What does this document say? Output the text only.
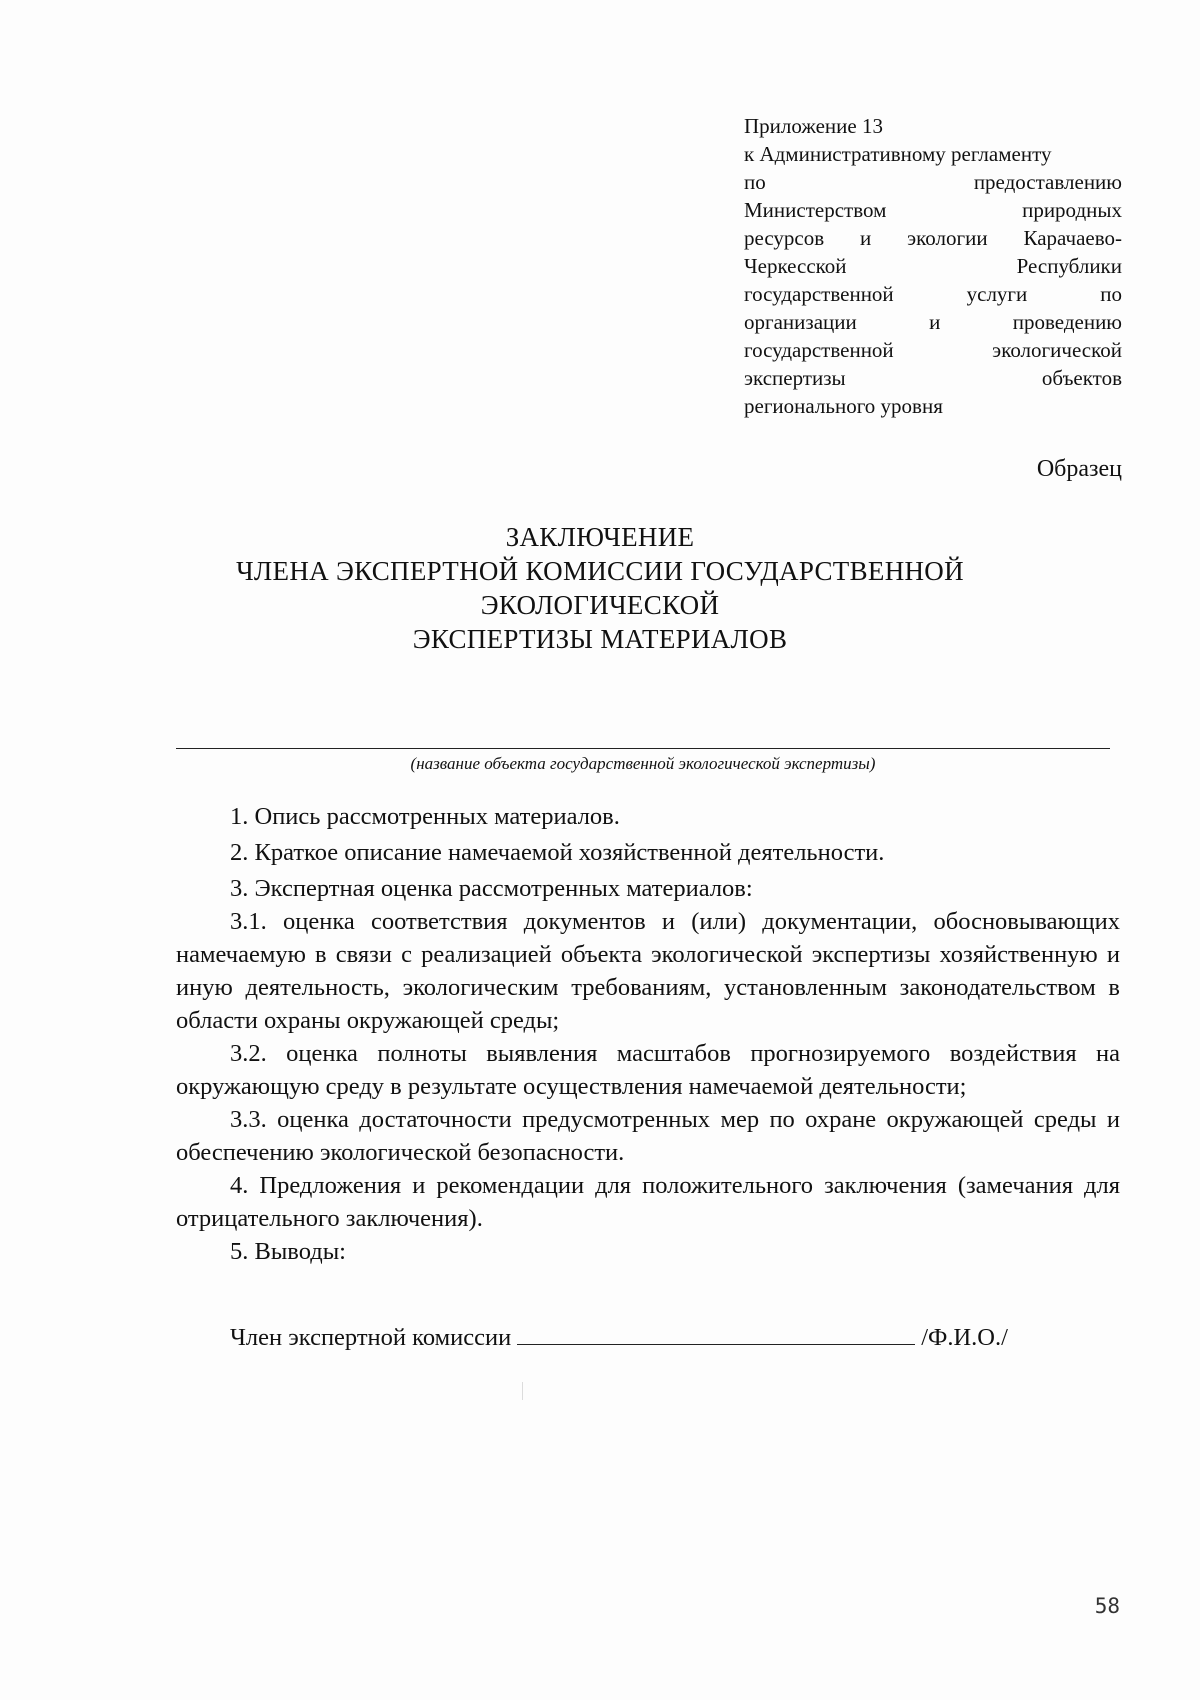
Приложение 13
к Административному регламенту
по предоставлению
Министерством природных
ресурсов и экологии Карачаево-
Черкесской Республики
государственной услуги по
организации и проведению
государственной экологической
экспертизы объектов
регионального уровня
Образец
ЗАКЛЮЧЕНИЕ
ЧЛЕНА ЭКСПЕРТНОЙ КОМИССИИ ГОСУДАРСТВЕННОЙ
ЭКОЛОГИЧЕСКОЙ
ЭКСПЕРТИЗЫ МАТЕРИАЛОВ
(название объекта государственной экологической экспертизы)

1. Опись рассмотренных материалов.

2. Краткое описание намечаемой хозяйственной деятельности.

3. Экспертная оценка рассмотренных материалов:

3.1. оценка соответствия документов и (или) документации, обосновывающих намечаемую в связи с реализацией объекта экологической экспертизы хозяйственную и иную деятельность, экологическим требованиям, установленным законодательством в области охраны окружающей среды;

3.2. оценка полноты выявления масштабов прогнозируемого воздействия на окружающую среду в результате осуществления намечаемой деятельности;

3.3. оценка достаточности предусмотренных мер по охране окружающей среды и обеспечению экологической безопасности.

4. Предложения и рекомендации для положительного заключения (замечания для отрицательного заключения).

5. Выводы:

Член экспертной комиссии	/Ф.И.О./
58
